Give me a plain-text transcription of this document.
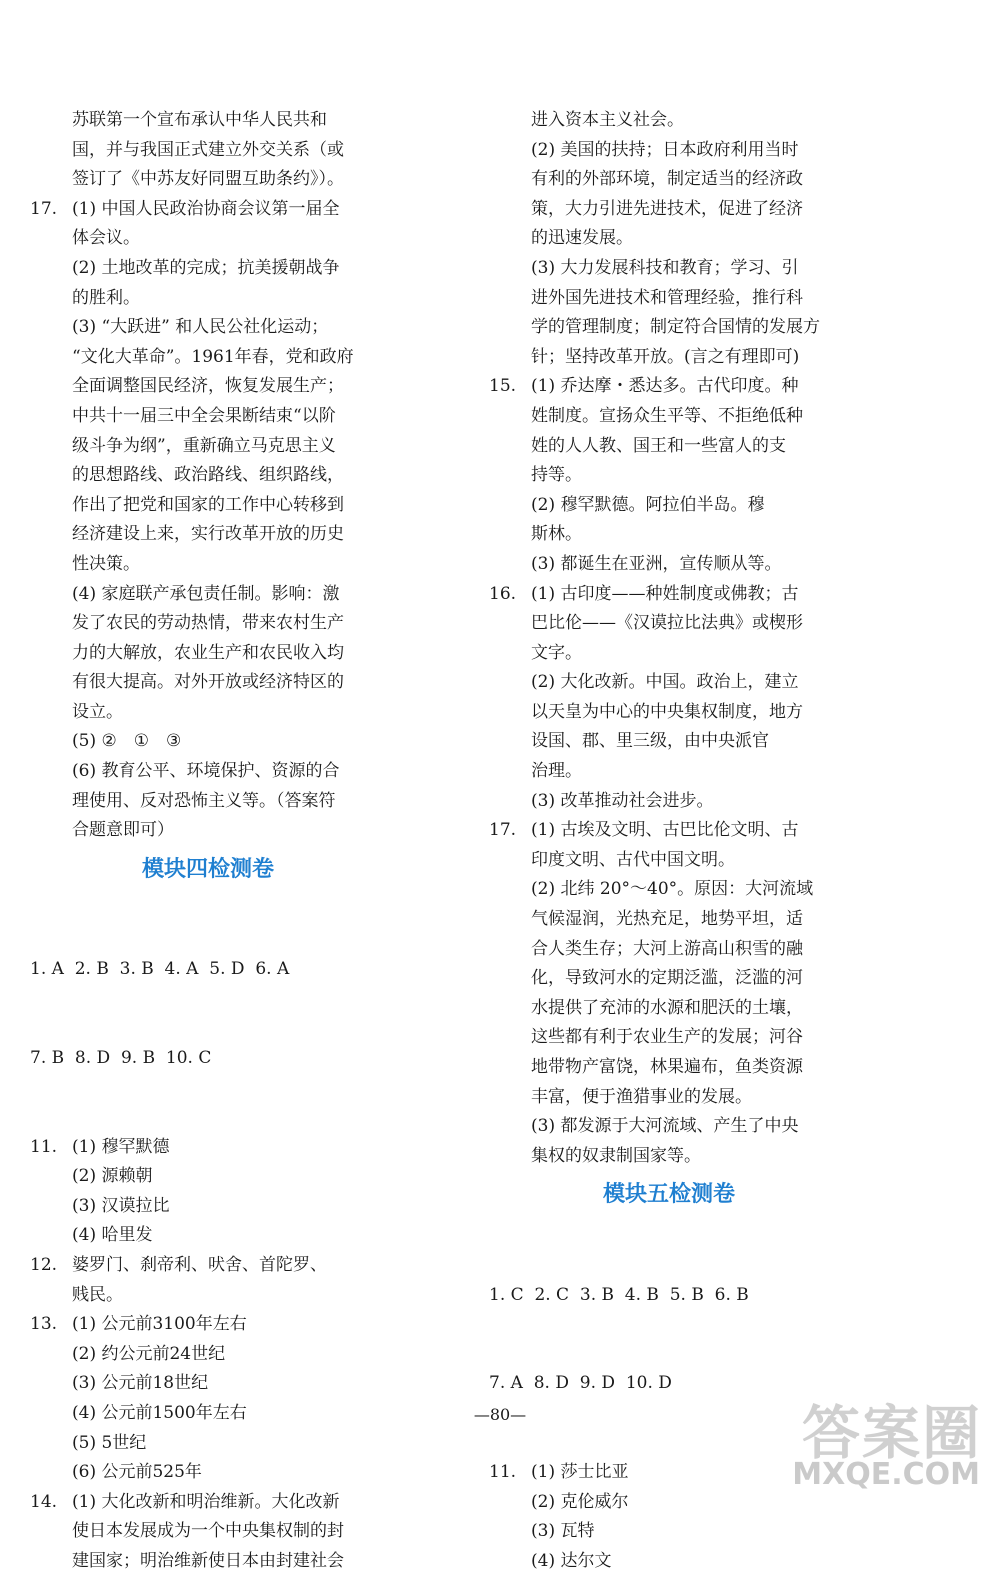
苏联第一个宣布承认中华人民共和
国，并与我国正式建立外交关系（或
签订了《中苏友好同盟互助条约》）。
17. (1) 中国人民政治协商会议第一届全
体会议。
(2) 土地改革的完成；抗美援朝战争
的胜利。
(3) “大跃进” 和人民公社化运动；
“文化大革命”。1961年春，党和政府
全面调整国民经济，恢复发展生产；
中共十一届三中全会果断结束“以阶
级斗争为纲”，重新确立马克思主义
的思想路线、政治路线、组织路线，
作出了把党和国家的工作中心转移到
经济建设上来，实行改革开放的历史
性决策。
(4) 家庭联产承包责任制。影响：激
发了农民的劳动热情，带来农村生产
力的大解放，农业生产和农民收入均
有很大提高。对外开放或经济特区的
设立。
(5) ②　①　③
(6) 教育公平、环境保护、资源的合
理使用、反对恐怖主义等。（答案符
合题意即可）
模块四检测卷

1. A  2. B  3. B  4. A  5. D  6. A

7. B  8. D  9. B  10. C

11. (1) 穆罕默德
(2) 源赖朝
(3) 汉谟拉比
(4) 哈里发
12. 婆罗门、刹帝利、吠舍、首陀罗、
贱民。
13. (1) 公元前3100年左右
(2) 约公元前24世纪
(3) 公元前18世纪
(4) 公元前1500年左右
(5) 5世纪
(6) 公元前525年
14. (1) 大化改新和明治维新。大化改新
使日本发展成为一个中央集权制的封
建国家；明治维新使日本由封建社会
进入资本主义社会。
(2) 美国的扶持；日本政府利用当时
有利的外部环境，制定适当的经济政
策，大力引进先进技术，促进了经济
的迅速发展。
(3) 大力发展科技和教育；学习、引
进外国先进技术和管理经验，推行科
学的管理制度；制定符合国情的发展方
针；坚持改革开放。(言之有理即可)
15. (1) 乔达摩・悉达多。古代印度。种
姓制度。宣扬众生平等、不拒绝低种
姓的人人教、国王和一些富人的支
持等。
(2) 穆罕默德。阿拉伯半岛。穆
斯林。
(3) 都诞生在亚洲，宣传顺从等。
16. (1) 古印度——种姓制度或佛教；古
巴比伦——《汉谟拉比法典》或楔形
文字。
(2) 大化改新。中国。政治上，建立
以天皇为中心的中央集权制度，地方
设国、郡、里三级，由中央派官
治理。
(3) 改革推动社会进步。
17. (1) 古埃及文明、古巴比伦文明、古
印度文明、古代中国文明。
(2) 北纬 20°～40°。原因：大河流域
气候湿润，光热充足，地势平坦，适
合人类生存；大河上游高山积雪的融
化，导致河水的定期泛滥，泛滥的河
水提供了充沛的水源和肥沃的土壤，
这些都有利于农业生产的发展；河谷
地带物产富饶，林果遍布，鱼类资源
丰富，便于渔猎事业的发展。
(3) 都发源于大河流域、产生了中央
集权的奴隶制国家等。
模块五检测卷

1. C  2. C  3. B  4. B  5. B  6. B

7. A  8. D  9. D  10. D

11. (1) 莎士比亚
(2) 克伦威尔
(3) 瓦特
(4) 达尔文
—80—	答案圈
MXQE.COM
